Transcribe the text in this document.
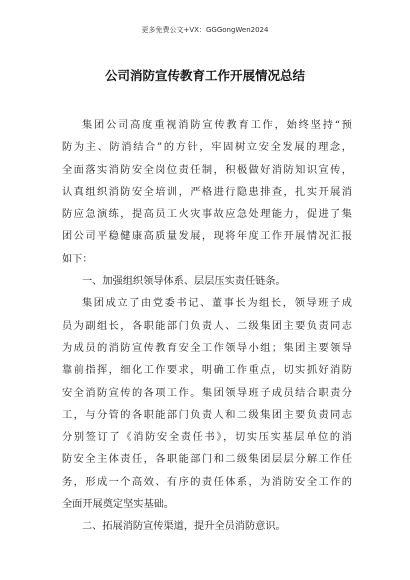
更多免费公文+VX：GGGongWen2024
公司消防宣传教育工作开展情况总结
集团公司高度重视消防宣传教育工作，始终坚持“预
防为主、防消结合”的方针，牢固树立安全发展的理念，
全面落实消防安全岗位责任制，积极做好消防知识宣传，
认真组织消防安全培训，严格进行隐患排查，扎实开展消
防应急演练，提高员工火灾事故应急处理能力，促进了集
团公司平稳健康高质量发展，现将年度工作开展情况汇报
如下：
一、加强组织领导体系、层层压实责任链条。
集团成立了由党委书记、董事长为组长，领导班子成
员为副组长，各职能部门负责人、二级集团主要负责同志
为成员的消防宣传教育安全工作领导小组；集团主要领导
靠前指挥，细化工作要求，明确工作重点，切实抓好消防
安全消防宣传的各项工作。集团领导班子成员结合职责分
工，与分管的各职能部门负责人和二级集团主要负责同志
分别签订了《消防安全责任书》，切实压实基层单位的消
防安全主体责任，各职能部门和二级集团层层分解工作任
务，形成一个高效、有序的责任体系，为消防安全工作的
全面开展奠定坚实基础。
二、拓展消防宣传渠道，提升全员消防意识。
